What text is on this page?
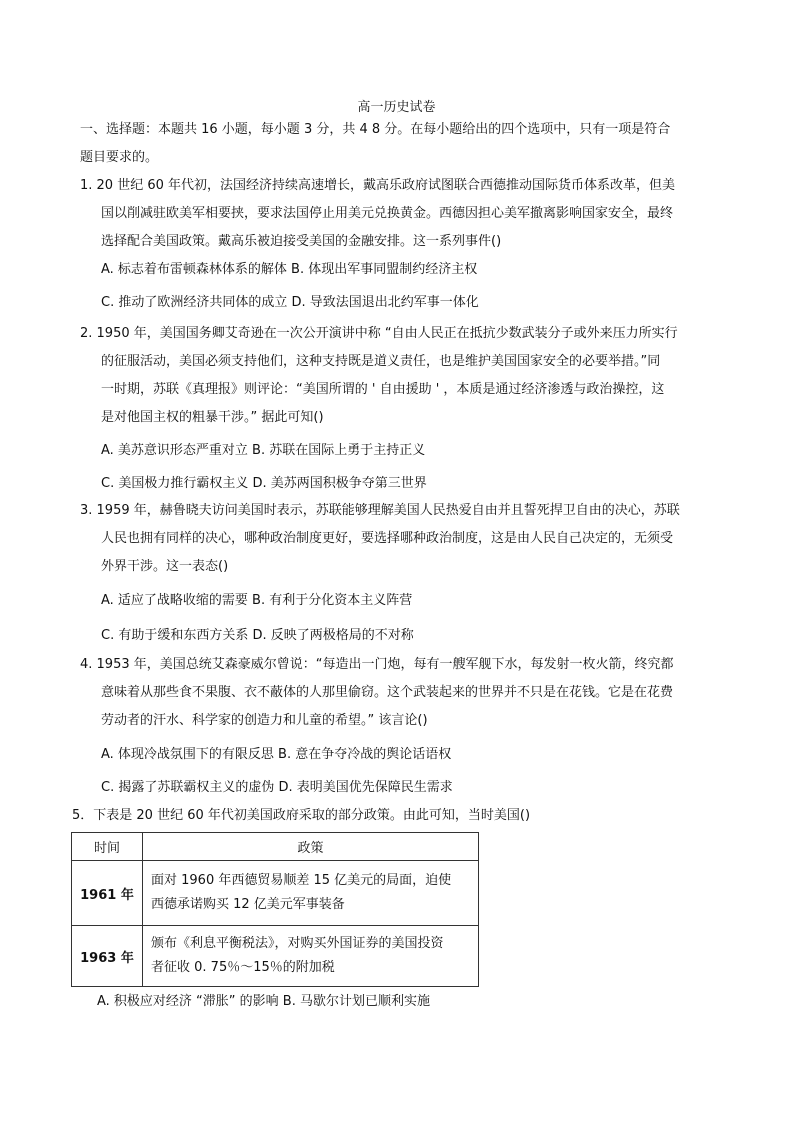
高一历史试卷
一、选择题：本题共 16 小题，每小题 3 分，共 4 8 分。在每小题给出的四个选项中，只有一项是符合
题目要求的。
1. 20 世纪 60 年代初，法国经济持续高速增长，戴高乐政府试图联合西德推动国际货币体系改革，但美
国以削减驻欧美军相要挟，要求法国停止用美元兑换黄金。西德因担心美军撤离影响国家安全，最终
选择配合美国政策。戴高乐被迫接受美国的金融安排。这一系列事件()
A. 标志着布雷顿森林体系的解体 B. 体现出军事同盟制约经济主权
C. 推动了欧洲经济共同体的成立 D. 导致法国退出北约军事一体化
2. 1950 年，美国国务卿艾奇逊在一次公开演讲中称 “自由人民正在抵抗少数武装分子或外来压力所实行
的征服活动，美国必须支持他们，这种支持既是道义责任，也是维护美国国家安全的必要举措。”同
一时期，苏联《真理报》则评论：“美国所谓的 ' 自由援助 ' ，本质是通过经济渗透与政治操控，这
是对他国主权的粗暴干涉。” 据此可知()
A. 美苏意识形态严重对立 B. 苏联在国际上勇于主持正义
C. 美国极力推行霸权主义 D. 美苏两国积极争夺第三世界
3. 1959 年，赫鲁晓夫访问美国时表示，苏联能够理解美国人民热爱自由并且誓死捍卫自由的决心，苏联
人民也拥有同样的决心，哪种政治制度更好，要选择哪种政治制度，这是由人民自己决定的，无须受
外界干涉。这一表态()
A. 适应了战略收缩的需要 B. 有利于分化资本主义阵营
C. 有助于缓和东西方关系 D. 反映了两极格局的不对称
4. 1953 年，美国总统艾森豪威尔曾说：“每造出一门炮，每有一艘军舰下水，每发射一枚火箭，终究都
意味着从那些食不果腹、衣不蔽体的人那里偷窃。这个武装起来的世界并不只是在花钱。它是在花费
劳动者的汗水、科学家的创造力和儿童的希望。” 该言论()
A. 体现冷战氛围下的有限反思 B. 意在争夺冷战的舆论话语权
C. 揭露了苏联霸权主义的虚伪 D. 表明美国优先保障民生需求
5．下表是 20 世纪 60 年代初美国政府采取的部分政策。由此可知，当时美国()
时间	政策
1961 年	面对 1960 年西德贸易顺差 15 亿美元的局面，迫使
西德承诺购买 12 亿美元军事装备

1963 年	颁布《利息平衡税法》，对购买外国证券的美国投资
者征收 0. 75％～15％的附加税
A. 积极应对经济 “滞胀” 的影响 B. 马歇尔计划已顺利实施
